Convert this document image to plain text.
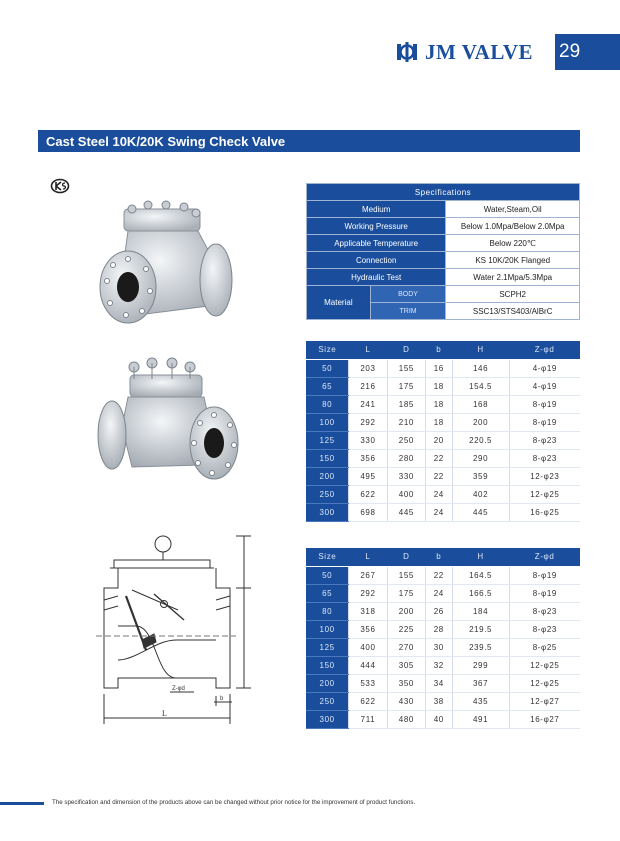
JM VALVE 29
Cast Steel 10K/20K Swing Check Valve
Z-φd
b
L
Specifications		
Medium		Water,Steam,Oil
Working Pressure		Below 1.0Mpa/Below 2.0Mpa
Applicable Temperature		Below 220℃
Connection		KS 10K/20K Flanged
Hydraulic Test		Water 2.1Mpa/5.3Mpa
Material	BODY	SCPH2
	TRIM	SSC13/STS403/AlBrC
Size	L	D	b	H	Z-φd
50	203	155	16	146	4-φ19
65	216	175	18	154.5	4-φ19
80	241	185	18	168	8-φ19
100	292	210	18	200	8-φ19
125	330	250	20	220.5	8-φ23
150	356	280	22	290	8-φ23
200	495	330	22	359	12-φ23
250	622	400	24	402	12-φ25
300	698	445	24	445	16-φ25
Size	L	D	b	H	Z-φd
50	267	155	22	164.5	8-φ19
65	292	175	24	166.5	8-φ19
80	318	200	26	184	8-φ23
100	356	225	28	219.5	8-φ23
125	400	270	30	239.5	8-φ25
150	444	305	32	299	12-φ25
200	533	350	34	367	12-φ25
250	622	430	38	435	12-φ27
300	711	480	40	491	16-φ27
The specification and dimension of the products above can be changed without prior notice for the improvement of product functions.
